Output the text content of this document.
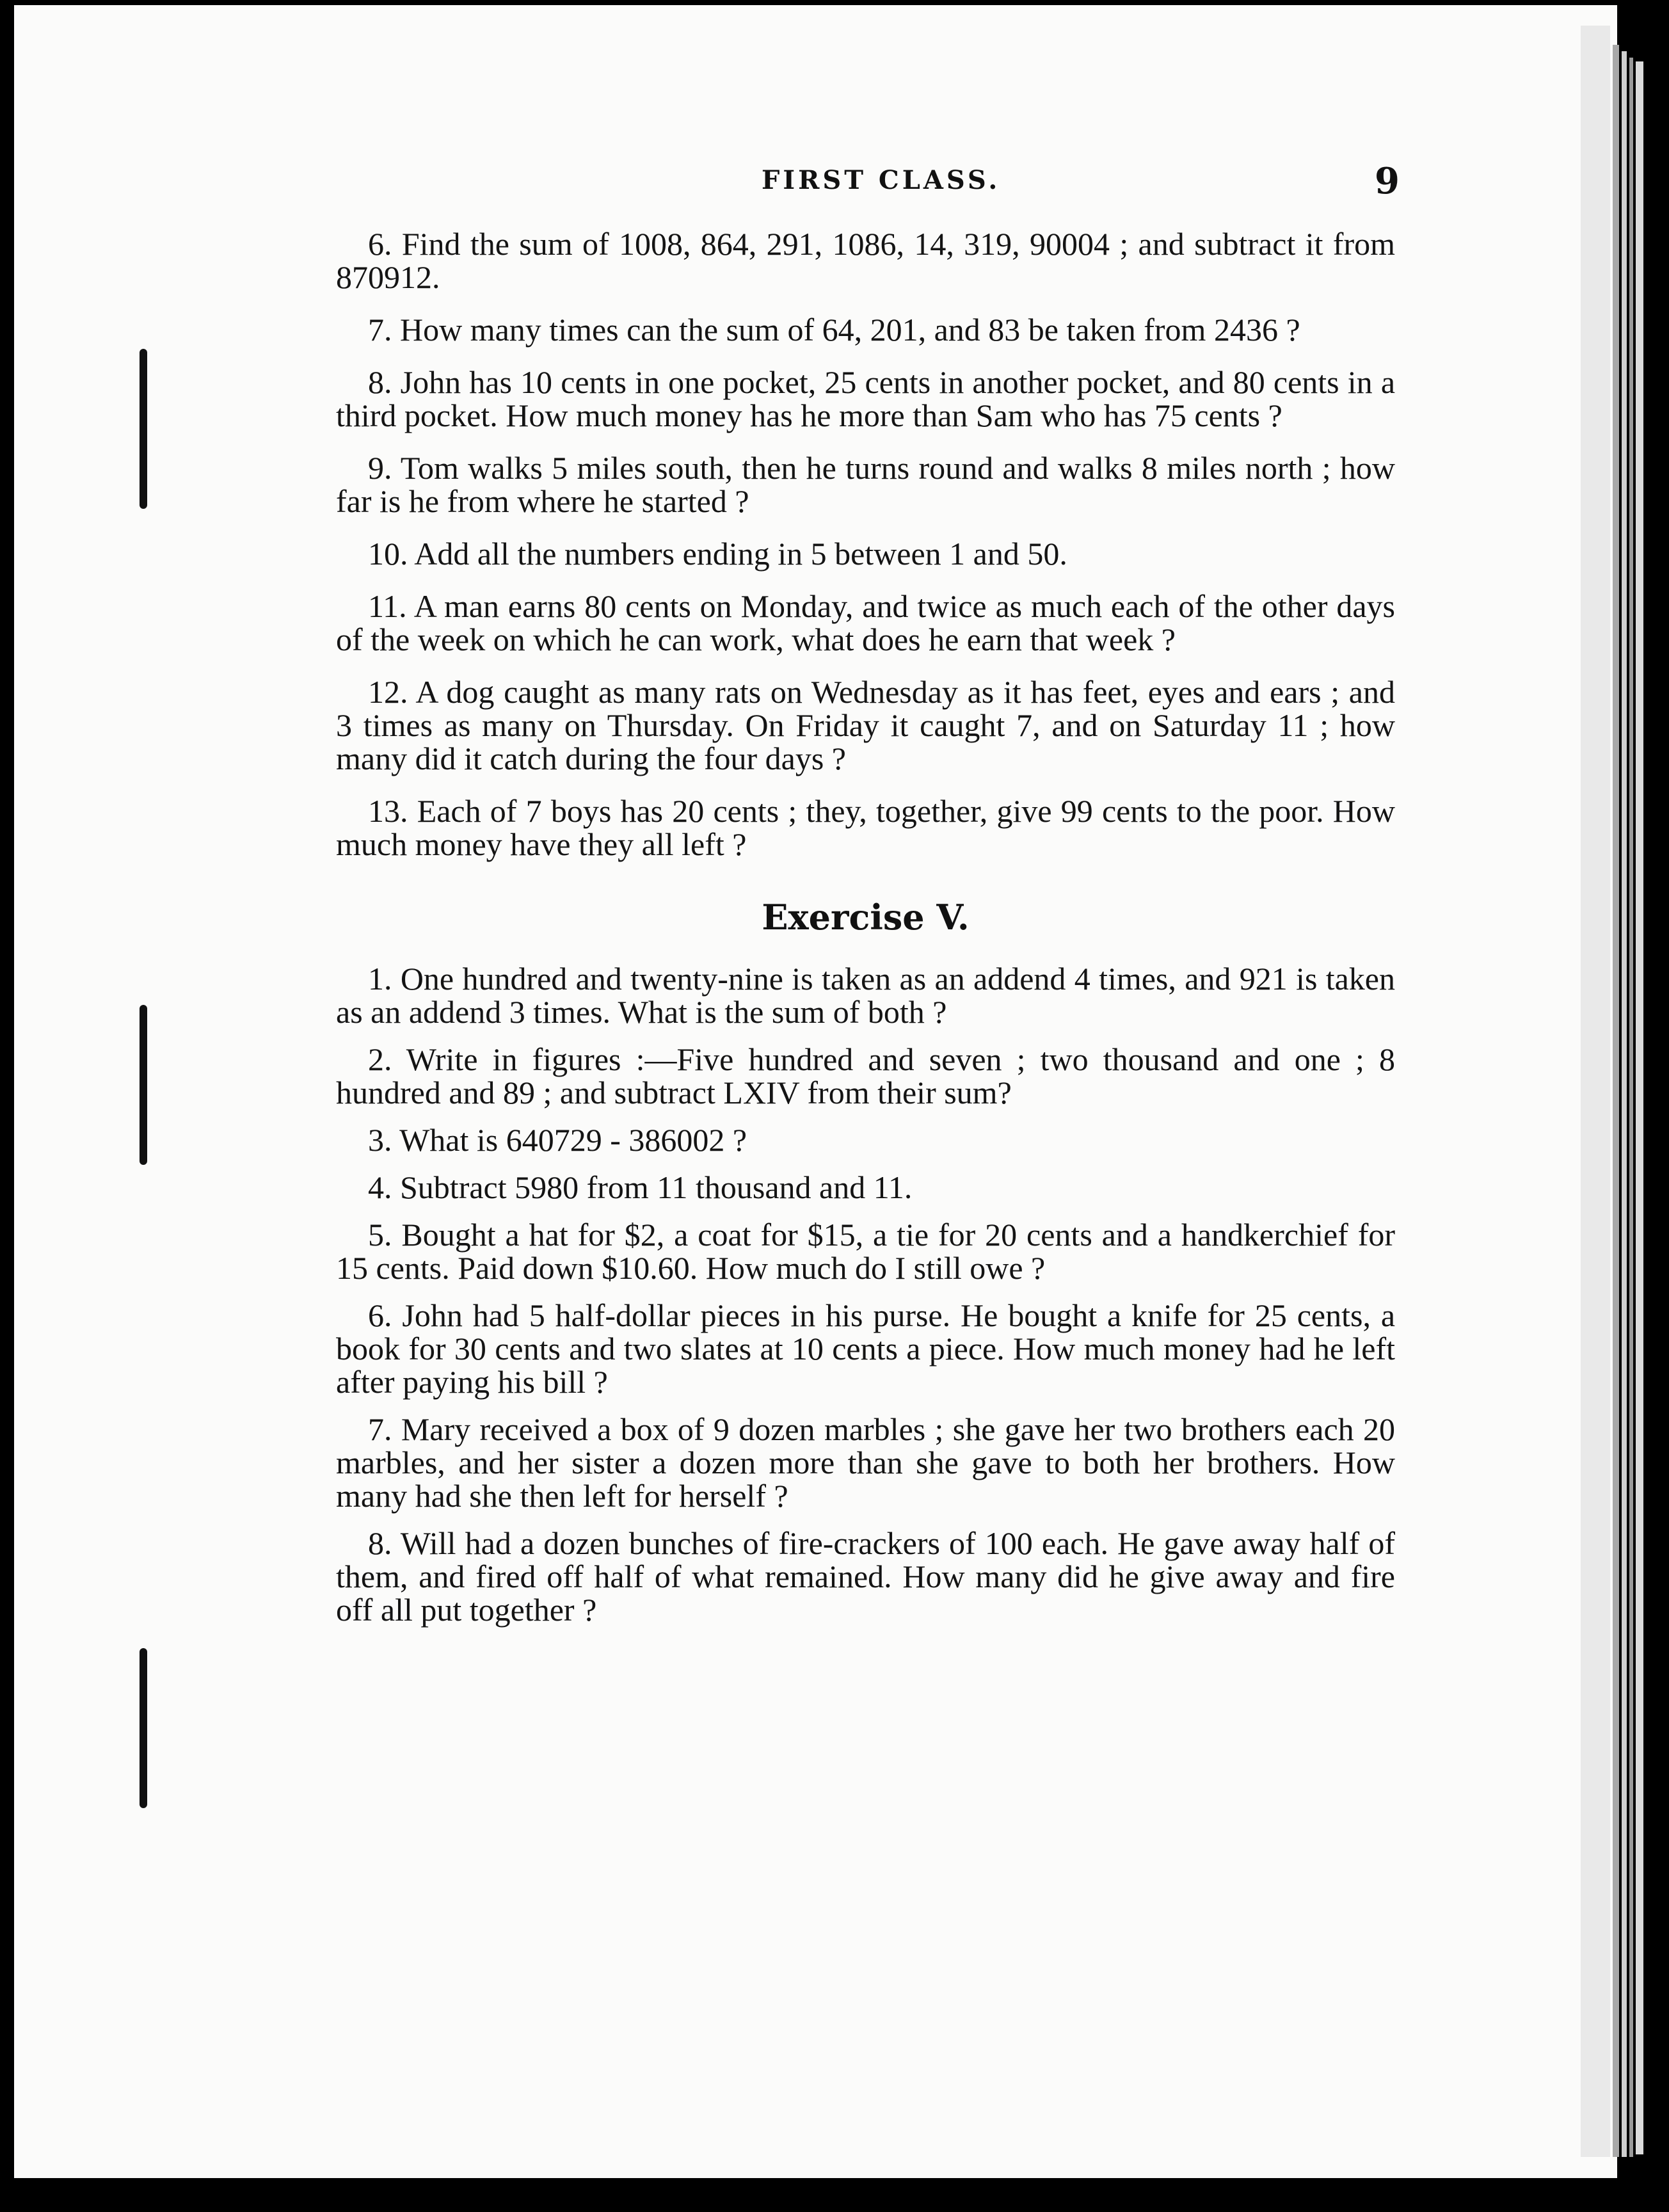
FIRST CLASS.	9

6. Find the sum of 1008, 864, 291, 1086, 14, 319, 90004 ; and subtract it from 870912.

7. How many times can the sum of 64, 201, and 83 be taken from 2436 ?

8. John has 10 cents in one pocket, 25 cents in another pocket, and 80 cents in a third pocket. How much money has he more than Sam who has 75 cents ?

9. Tom walks 5 miles south, then he turns round and walks 8 miles north ; how far is he from where he started ?

10. Add all the numbers ending in 5 between 1 and 50.

11. A man earns 80 cents on Monday, and twice as much each of the other days of the week on which he can work, what does he earn that week ?

12. A dog caught as many rats on Wednesday as it has feet, eyes and ears ; and 3 times as many on Thursday. On Friday it caught 7, and on Saturday 11 ; how many did it catch during the four days ?

13. Each of 7 boys has 20 cents ; they, together, give 99 cents to the poor. How much money have they all left ?

Exercise V.

1. One hundred and twenty-nine is taken as an addend 4 times, and 921 is taken as an addend 3 times. What is the sum of both ?

2. Write in figures :—Five hundred and seven ; two thousand and one ; 8 hundred and 89 ; and subtract LXIV from their sum?

3. What is 640729 - 386002 ?

4. Subtract 5980 from 11 thousand and 11.

5. Bought a hat for $2, a coat for $15, a tie for 20 cents and a handkerchief for 15 cents. Paid down $10.60. How much do I still owe ?

6. John had 5 half-dollar pieces in his purse. He bought a knife for 25 cents, a book for 30 cents and two slates at 10 cents a piece. How much money had he left after paying his bill ?

7. Mary received a box of 9 dozen marbles ; she gave her two brothers each 20 marbles, and her sister a dozen more than she gave to both her brothers. How many had she then left for herself ?

8. Will had a dozen bunches of fire-crackers of 100 each. He gave away half of them, and fired off half of what remained. How many did he give away and fire off all put together ?
